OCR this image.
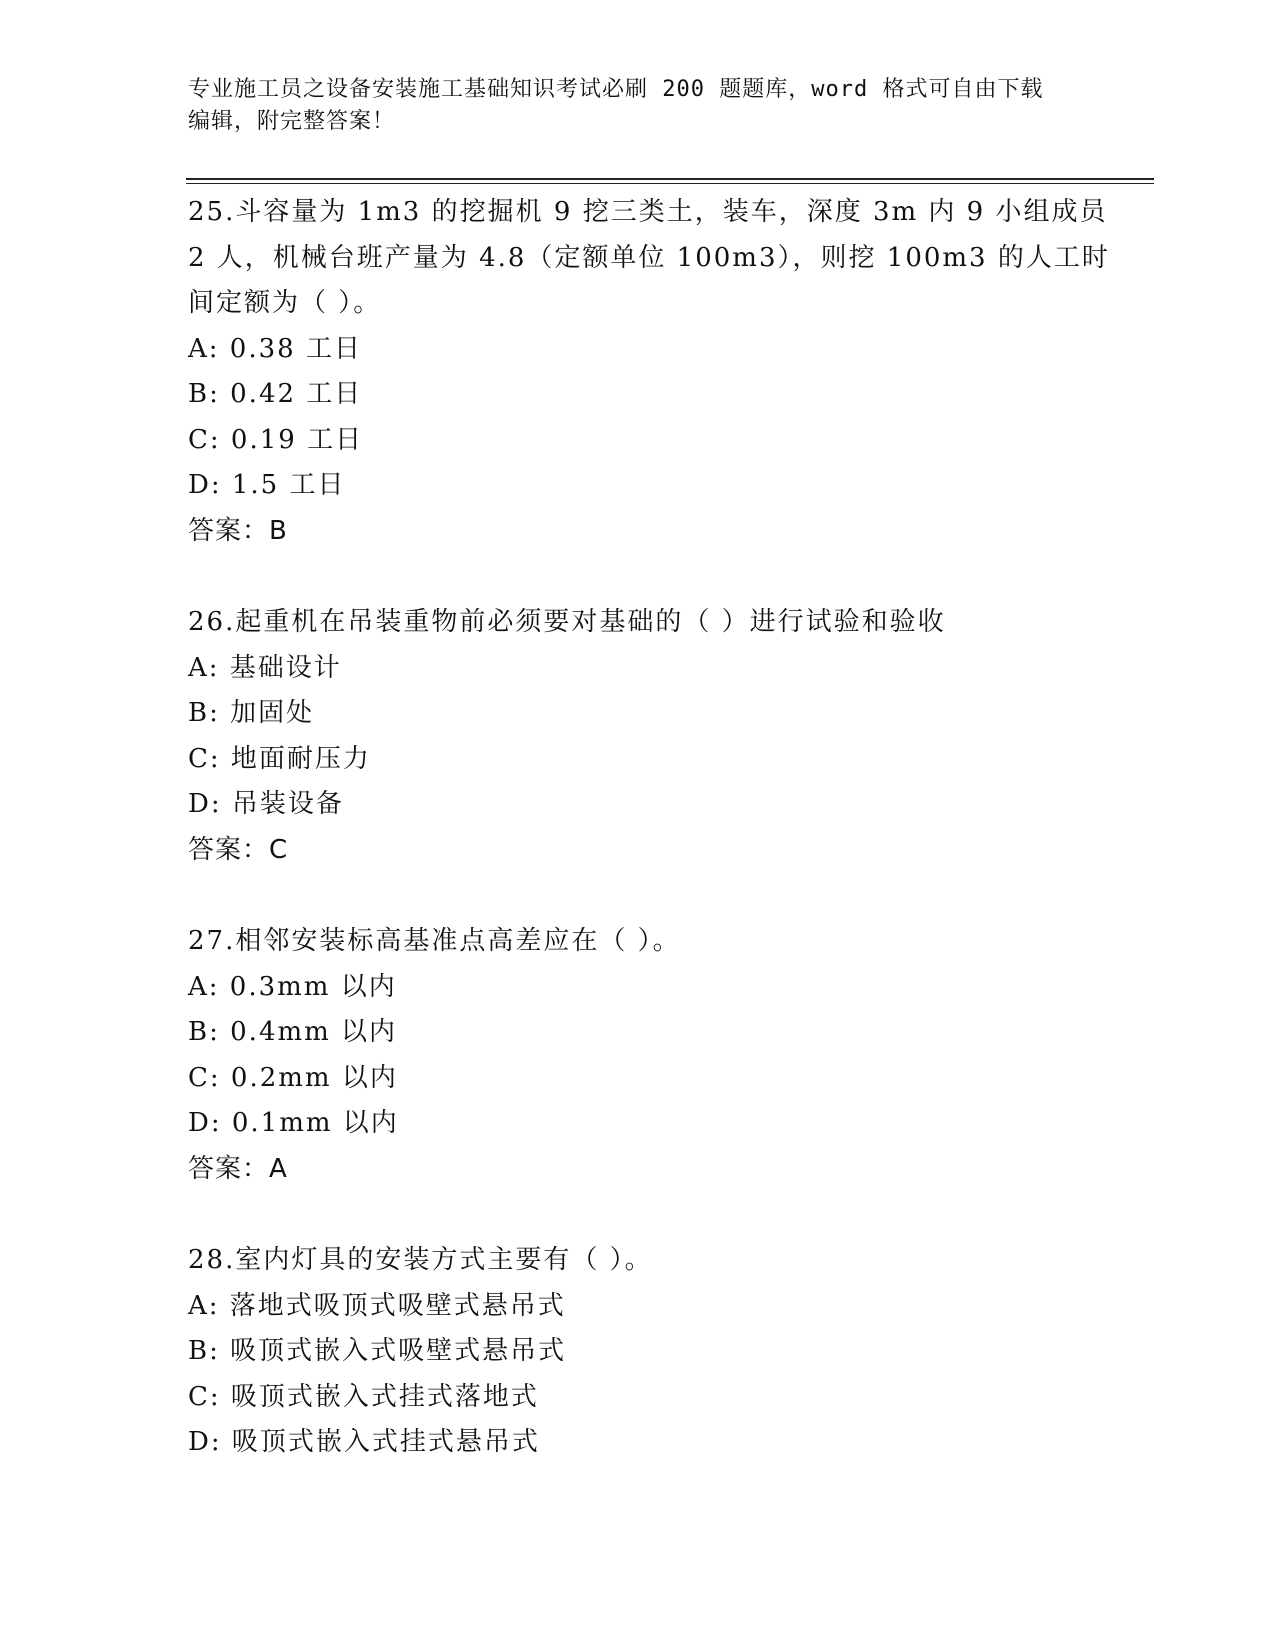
专业施工员之设备安装施工基础知识考试必刷 200 题题库，word 格式可自由下载
编辑，附完整答案！
25.斗容量为 1m3 的挖掘机 9 挖三类土，装车，深度 3m 内 9 小组成员
2 人，机械台班产量为 4.8（定额单位 100m3），则挖 100m3 的人工时
间定额为（ ）。
A: 0.38 工日
B: 0.42 工日
C: 0.19 工日
D: 1.5 工日
答案：B
26.起重机在吊装重物前必须要对基础的（ ）进行试验和验收
A: 基础设计
B: 加固处
C: 地面耐压力
D: 吊装设备
答案：C
27.相邻安装标高基准点高差应在（ ）。
A: 0.3mm 以内
B: 0.4mm 以内
C: 0.2mm 以内
D: 0.1mm 以内
答案：A
28.室内灯具的安装方式主要有（ ）。
A: 落地式吸顶式吸壁式悬吊式
B: 吸顶式嵌入式吸壁式悬吊式
C: 吸顶式嵌入式挂式落地式
D: 吸顶式嵌入式挂式悬吊式
